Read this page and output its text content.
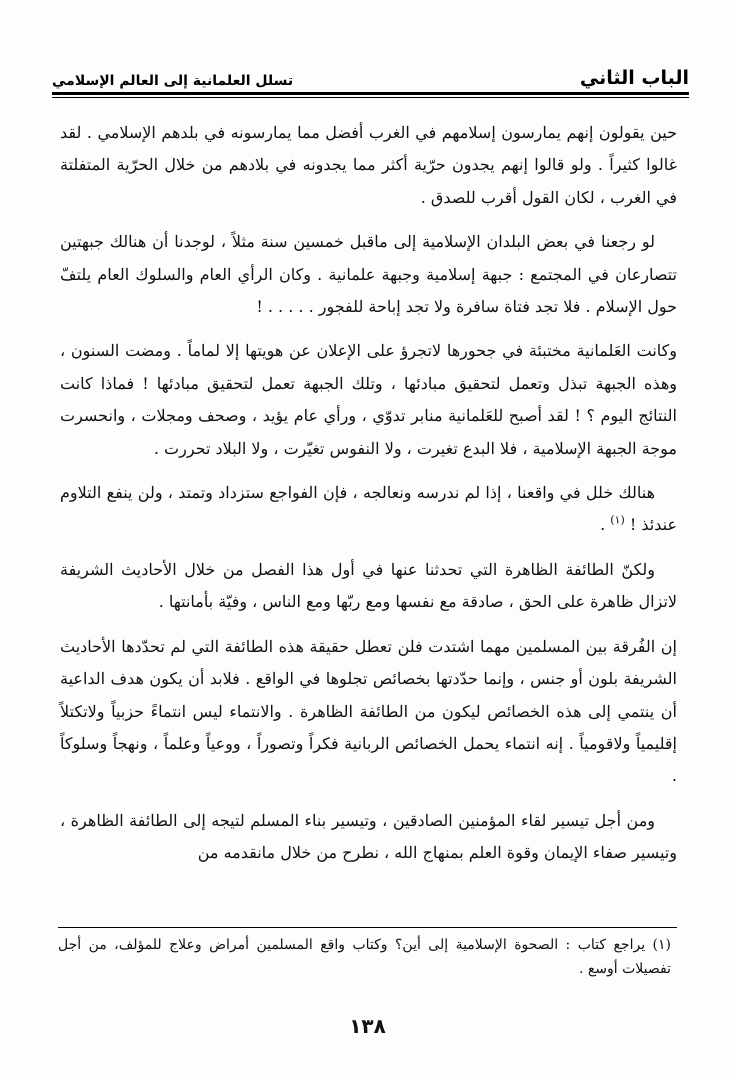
الباب الثاني
تسلل العلمانية إلى العالم الإسلامي

حين يقولون إنهم يمارسون إسلامهم في الغرب أفضل مما يمارسونه في بلدهم الإسلامي . لقد غالوا كثيراً . ولو قالوا إنهم يجدون حرّية أكثر مما يجدونه في بلادهم من خلال الحرّية المتفلتة في الغرب ، لكان القول أقرب للصدق .

لو رجعنا في بعض البلدان الإسلامية إلى ماقبل خمسين سنة مثلاً ، لوجدنا أن هنالك جبهتين تتصارعان في المجتمع : جبهة إسلامية وجبهة علمانية . وكان الرأي العام والسلوك العام يلتفّ حول الإسلام . فلا تجد فتاة سافرة ولا تجد إباحة للفجور . . . . . !

وكانت العَلمانية مختبئة في جحورها لاتجرؤ على الإعلان عن هويتها إلا لماماً . ومضت السنون ، وهذه الجبهة تبذل وتعمل لتحقيق مبادئها ، وتلك الجبهة تعمل لتحقيق مبادئها ! فماذا كانت النتائج اليوم ؟ ! لقد أصبح للعَلمانية منابر تدوّي ، ورأي عام يؤيد ، وصحف ومجلات ، وانحسرت موجة الجبهة الإسلامية ، فلا البدع تغيرت ، ولا النفوس تغيّرت ، ولا البلاد تحررت .

هنالك خلل في واقعنا ، إذا لم ندرسه ونعالجه ، فإن الفواجع ستزداد وتمتد ، ولن ينفع التلاوم عندئذ ! $^{(١)}$ .

ولكنّ الطائفة الظاهرة التي تحدثنا عنها في أول هذا الفصل من خلال الأحاديث الشريفة لاتزال ظاهرة على الحق ، صادقة مع نفسها ومع ربّها ومع الناس ، وفيّة بأمانتها .

إن الفُرقة بين المسلمين مهما اشتدت فلن تعطل حقيقة هذه الطائفة التي لم تحدّدها الأحاديث الشريفة بلون أو جنس ، وإنما حدّدتها بخصائص تجلوها في الواقع . فلابد أن يكون هدف الداعية أن ينتمي إلى هذه الخصائص ليكون من الطائفة الظاهرة . والانتماء ليس انتماءً حزبياً ولاتكتلاً إقليمياً ولاقومياً . إنه انتماء يحمل الخصائص الربانية فكراً وتصوراً ، ووعياً وعلماً ، ونهجاً وسلوكاً .

ومن أجل تيسير لقاء المؤمنين الصادقين ، وتيسير بناء المسلم لتيجه إلى الطائفة الظاهرة ، وتيسير صفاء الإيمان وقوة العلم بمنهاج الله ، نطرح من خلال مانقدمه من

(١) يراجع كتاب : الصحوة الإسلامية إلى أين؟ وكتاب واقع المسلمين أمراض وعلاج للمؤلف، من أجل تفصيلات أوسع .
١٣٨
